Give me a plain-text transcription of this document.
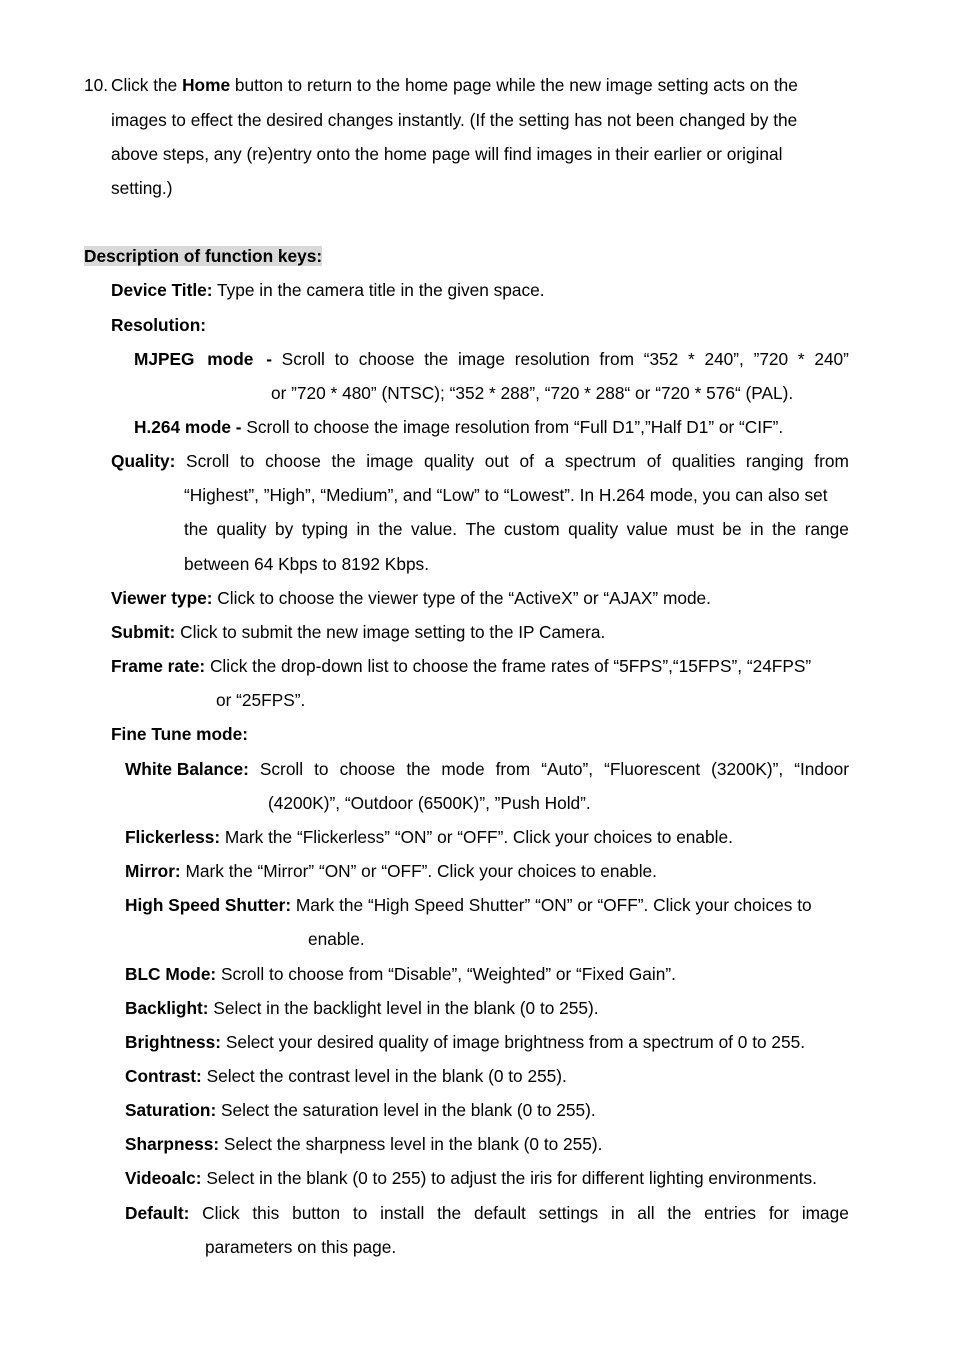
10. Click the Home button to return to the home page while the new image setting acts on the
images to effect the desired changes instantly. (If the setting has not been changed by the
above steps, any (re)entry onto the home page will find images in their earlier or original
setting.)
Description of function keys:
Device Title: Type in the camera title in the given space.
Resolution:
MJPEG mode - Scroll to choose the image resolution from “352 * 240”, ”720 * 240”
or ”720 * 480” (NTSC); “352 * 288”, “720 * 288“ or “720 * 576“ (PAL).
H.264 mode - Scroll to choose the image resolution from “Full D1”,”Half D1” or “CIF”.
Quality: Scroll to choose the image quality out of a spectrum of qualities ranging from
“Highest”, ”High”, “Medium”, and “Low” to “Lowest”. In H.264 mode, you can also set
the quality by typing in the value. The custom quality value must be in the range
between 64 Kbps to 8192 Kbps.
Viewer type: Click to choose the viewer type of the “ActiveX” or “AJAX” mode.
Submit: Click to submit the new image setting to the IP Camera.
Frame rate: Click the drop-down list to choose the frame rates of “5FPS”,“15FPS”, “24FPS”
or “25FPS”.
Fine Tune mode:
White Balance: Scroll to choose the mode from “Auto”, “Fluorescent (3200K)”, “Indoor
(4200K)”, “Outdoor (6500K)”, ”Push Hold”.
Flickerless: Mark the “Flickerless” “ON” or “OFF”. Click your choices to enable.
Mirror: Mark the “Mirror” “ON” or “OFF”. Click your choices to enable.
High Speed Shutter: Mark the “High Speed Shutter” “ON” or “OFF”. Click your choices to
enable.
BLC Mode: Scroll to choose from “Disable”, “Weighted” or “Fixed Gain”.
Backlight: Select in the backlight level in the blank (0 to 255).
Brightness: Select your desired quality of image brightness from a spectrum of 0 to 255.
Contrast: Select the contrast level in the blank (0 to 255).
Saturation: Select the saturation level in the blank (0 to 255).
Sharpness: Select the sharpness level in the blank (0 to 255).
Videoalc: Select in the blank (0 to 255) to adjust the iris for different lighting environments.
Default: Click this button to install the default settings in all the entries for image
parameters on this page.
